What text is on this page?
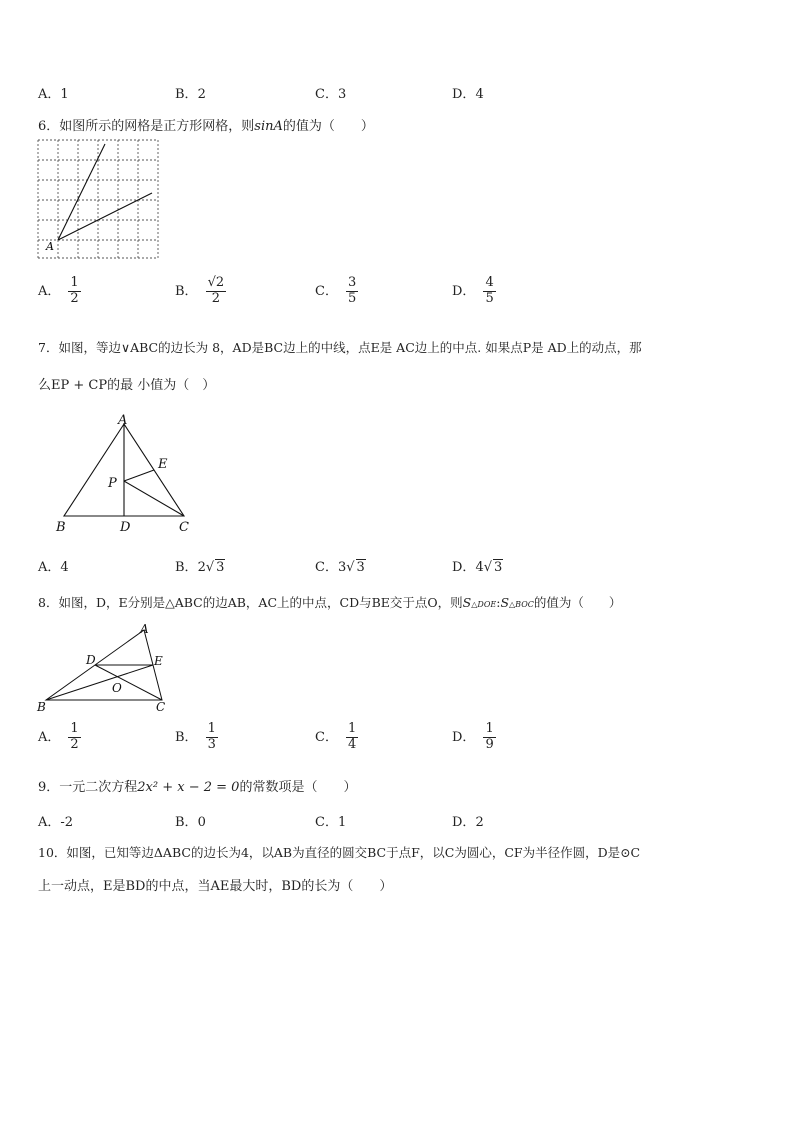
A．1	B．2	C．3	D．4
6．如图所示的网格是正方形网格，则sinA的值为（　　）
A
A． $\frac{1}{2}$	B． $\frac{√2}{2}$	C． $\frac{3}{5}$	D． $\frac{4}{5}$
7．如图，等边∨ABC的边长为 8，AD是BC边上的中线，点E是 AC边上的中点. 如果点P是 AD上的动点，那
么EP + CP的最 小值为（　）
A
B	C
D
E
P
A．4	B．2√ 3	C．3√ 3	D．4√ 3
8．如图，D，E分别是△ABC的边AB，AC上的中点，CD与BE交于点O，则S△DOE:S△BOC的值为（　　）
A
B	C
D	E
O
A． $\frac{1}{2}$	B． $\frac{1}{3}$	C． $\frac{1}{4}$	D． $\frac{1}{9}$
9．一元二次方程2x² + x − 2 = 0的常数项是（　　）
A．-2	B．0	C．1	D．2
10．如图，已知等边ΔABC的边长为4，以AB为直径的圆交BC于点F，以C为圆心，CF为半径作圆，D是⊙C
上一动点，E是BD的中点，当AE最大时，BD的长为（　　）
